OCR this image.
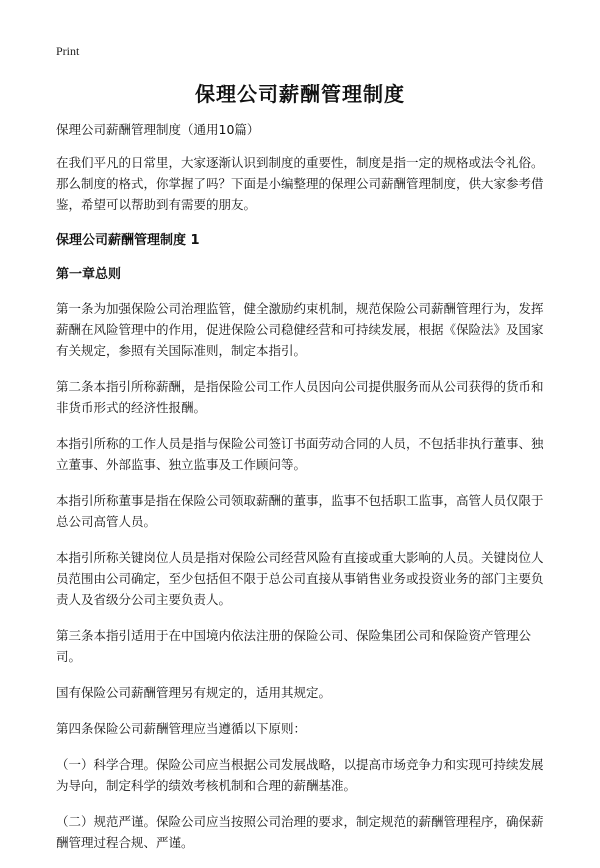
Print
保理公司薪酬管理制度
保理公司薪酬管理制度（通用10篇）

在我们平凡的日常里，大家逐渐认识到制度的重要性，制度是指一定的规格或法令礼俗。那么制度的格式，你掌握了吗？下面是小编整理的保理公司薪酬管理制度，供大家参考借鉴，希望可以帮助到有需要的朋友。

保理公司薪酬管理制度 1
第一章总则

第一条为加强保险公司治理监管，健全激励约束机制，规范保险公司薪酬管理行为，发挥薪酬在风险管理中的作用，促进保险公司稳健经营和可持续发展，根据《保险法》及国家有关规定，参照有关国际准则，制定本指引。

第二条本指引所称薪酬，是指保险公司工作人员因向公司提供服务而从公司获得的货币和非货币形式的经济性报酬。

本指引所称的工作人员是指与保险公司签订书面劳动合同的人员，不包括非执行董事、独立董事、外部监事、独立监事及工作顾问等。

本指引所称董事是指在保险公司领取薪酬的董事，监事不包括职工监事，高管人员仅限于总公司高管人员。

本指引所称关键岗位人员是指对保险公司经营风险有直接或重大影响的人员。关键岗位人员范围由公司确定，至少包括但不限于总公司直接从事销售业务或投资业务的部门主要负责人及省级分公司主要负责人。

第三条本指引适用于在中国境内依法注册的保险公司、保险集团公司和保险资产管理公司。

国有保险公司薪酬管理另有规定的，适用其规定。

第四条保险公司薪酬管理应当遵循以下原则：

（一）科学合理。保险公司应当根据公司发展战略，以提高市场竞争力和实现可持续发展为导向，制定科学的绩效考核机制和合理的薪酬基准。

（二）规范严谨。保险公司应当按照公司治理的要求，制定规范的薪酬管理程序，确保薪酬管理过程合规、严谨。
